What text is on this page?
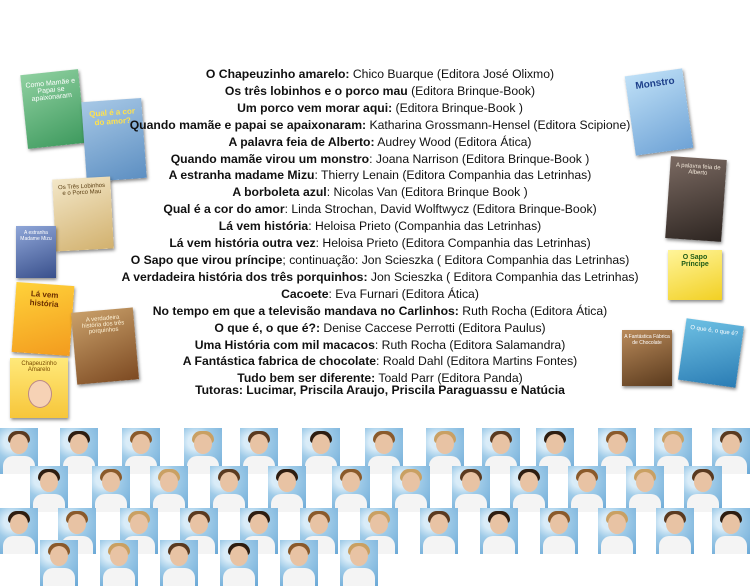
Como Mamãe e Papai se apaixonaram
Qual é a cor do amor?
Os Três Lobinhos e o Porco Mau
A estranha Madame Mizu
Lá vem história
A verdadeira história dos três porquinhos
Chapeuzinho Amarelo
Monstro
A palavra feia de Alberto
O Sapo Príncipe
A Fantástica Fábrica de Chocolate
O que é, o que é?
O Chapeuzinho amarelo: Chico Buarque (Editora José Olixmo)
Os três lobinhos e o porco mau (Editora Brinque-Book)
Um porco vem morar aqui: (Editora Brinque-Book )
Quando mamãe e papai se apaixonaram: Katharina Grossmann-Hensel (Editora Scipione)
A palavra feia de Alberto: Audrey Wood (Editora Ática)
Quando mamãe virou um monstro: Joana Narrison (Editora Brinque-Book )
A estranha madame Mizu: Thierry Lenain (Editora Companhia das Letrinhas)
A borboleta azul: Nicolas Van (Editora Brinque Book )
Qual é a cor do amor: Linda Strochan, David Wolftwycz (Editora Brinque-Book)
Lá vem história: Heloisa Prieto (Companhia das Letrinhas)
Lá vem história outra vez: Heloisa Prieto (Editora Companhia das Letrinhas)
O Sapo que virou príncipe; continuação: Jon Scieszka ( Editora Companhia das Letrinhas)
A verdadeira história dos três porquinhos: Jon Scieszka ( Editora Companhia das Letrinhas)
Cacoete: Eva Furnari (Editora Ática)
No tempo em que a televisão mandava no Carlinhos: Ruth Rocha (Editora Ática)
O que é, o que é?: Denise Caccese Perrotti (Editora Paulus)
Uma História com mil macacos: Ruth Rocha (Editora Salamandra)
A Fantástica fabrica de chocolate: Roald Dahl (Editora Martins Fontes)
Tudo bem ser diferente: Toald Parr (Editora Panda)
Tutoras: Lucimar, Priscila Araujo, Priscila Paraguassu e Natúcia
